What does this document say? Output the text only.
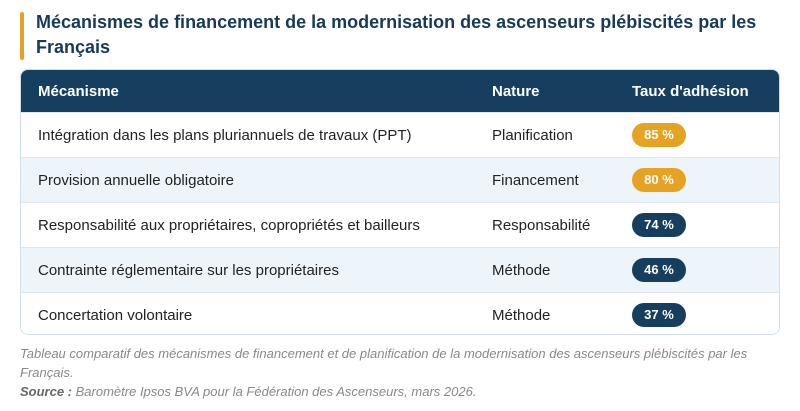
Mécanismes de financement de la modernisation des ascenseurs plébiscités par les Français
Mécanisme	Nature	Taux d'adhésion
Intégration dans les plans pluriannuels de travaux (PPT)	Planification	85 %
Provision annuelle obligatoire	Financement	80 %
Responsabilité aux propriétaires, copropriétés et bailleurs	Responsabilité	74 %
Contrainte réglementaire sur les propriétaires	Méthode	46 %
Concertation volontaire	Méthode	37 %
Tableau comparatif des mécanismes de financement et de planification de la modernisation des ascenseurs plébiscités par les Français.
Source : Baromètre Ipsos BVA pour la Fédération des Ascenseurs, mars 2026.
